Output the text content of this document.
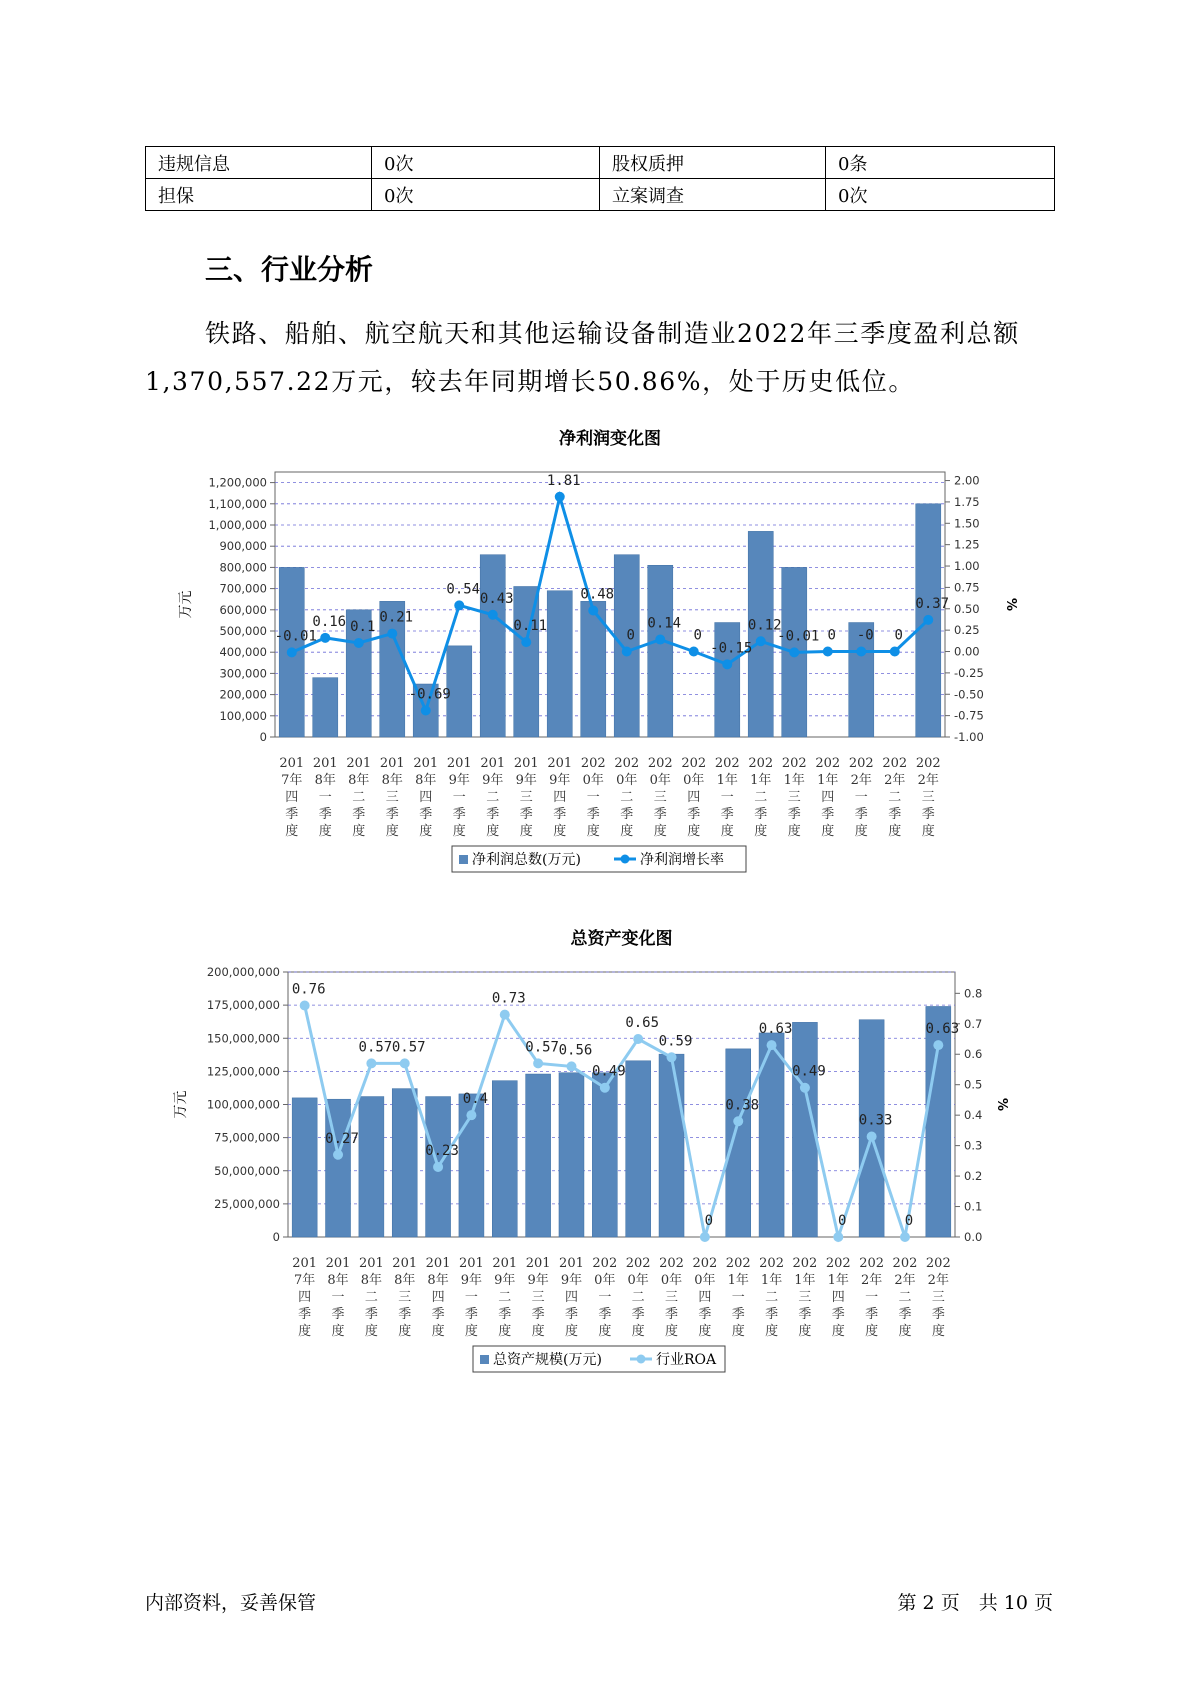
违规信息	0次	股权质押	0条
担保	0次	立案调查	0次
三、行业分析

铁路、船舶、航空航天和其他运输设备制造业2022年三季度盈利总额1,370,557.22万元，较去年同期增长50.86%，处于历史低位。

净利润变化图
0
100,000
200,000
300,000
400,000
500,000
600,000
700,000
800,000
900,000
1,000,000
1,100,000
1,200,000
-1.00
-0.75
-0.50
-0.25
0.00
0.25
0.50
0.75
1.00
1.25
1.50
1.75
2.00
万元	%
-0.01
0.16 0.1
0.21
-0.69
0.54
0.43
0.11
1.81
0.48
0
0.14
0
-0.15
0.12
-0.01 0 -0 0
0.37
201
7年
四
季
度
201
8年
一
季
度
201
8年
二
季
度
201
8年
三
季
度
201
8年
四
季
度
201
9年
一
季
度
201
9年
二
季
度
201
9年
三
季
度
201
9年
四
季
度
202
0年
一
季
度
202
0年
二
季
度
202
0年
三
季
度
202
0年
四
季
度
202
1年
一
季
度
202
1年
二
季
度
202
1年
三
季
度
202
1年
四
季
度
202
2年
一
季
度
202
2年
二
季
度
202
2年
三
季
度
净利润总数(万元)	净利润增长率
总资产变化图
0
25,000,000
50,000,000
75,000,000
100,000,000
125,000,000
150,000,000
175,000,000
200,000,000
0.0
0.1
0.2
0.3
0.4
0.5
0.6
0.7
0.8
万元	%
0.76
0.27
0.57 0.57
0.23
0.4
0.73
0.57 0.56
0.49
0.65
0.59
0
0.38
0.63
0.49
0
0.33
0
0.63
201
7年
四
季
度
201
8年
一
季
度
201
8年
二
季
度
201
8年
三
季
度
201
8年
四
季
度
201
9年
一
季
度
201
9年
二
季
度
201
9年
三
季
度
201
9年
四
季
度
202
0年
一
季
度
202
0年
二
季
度
202
0年
三
季
度
202
0年
四
季
度
202
1年
一
季
度
202
1年
二
季
度
202
1年
三
季
度
202
1年
四
季
度
202
2年
一
季
度
202
2年
二
季
度
202
2年
三
季
度
总资产规模(万元)	行业ROA
内部资料，妥善保管	第 2 页　共 10 页
